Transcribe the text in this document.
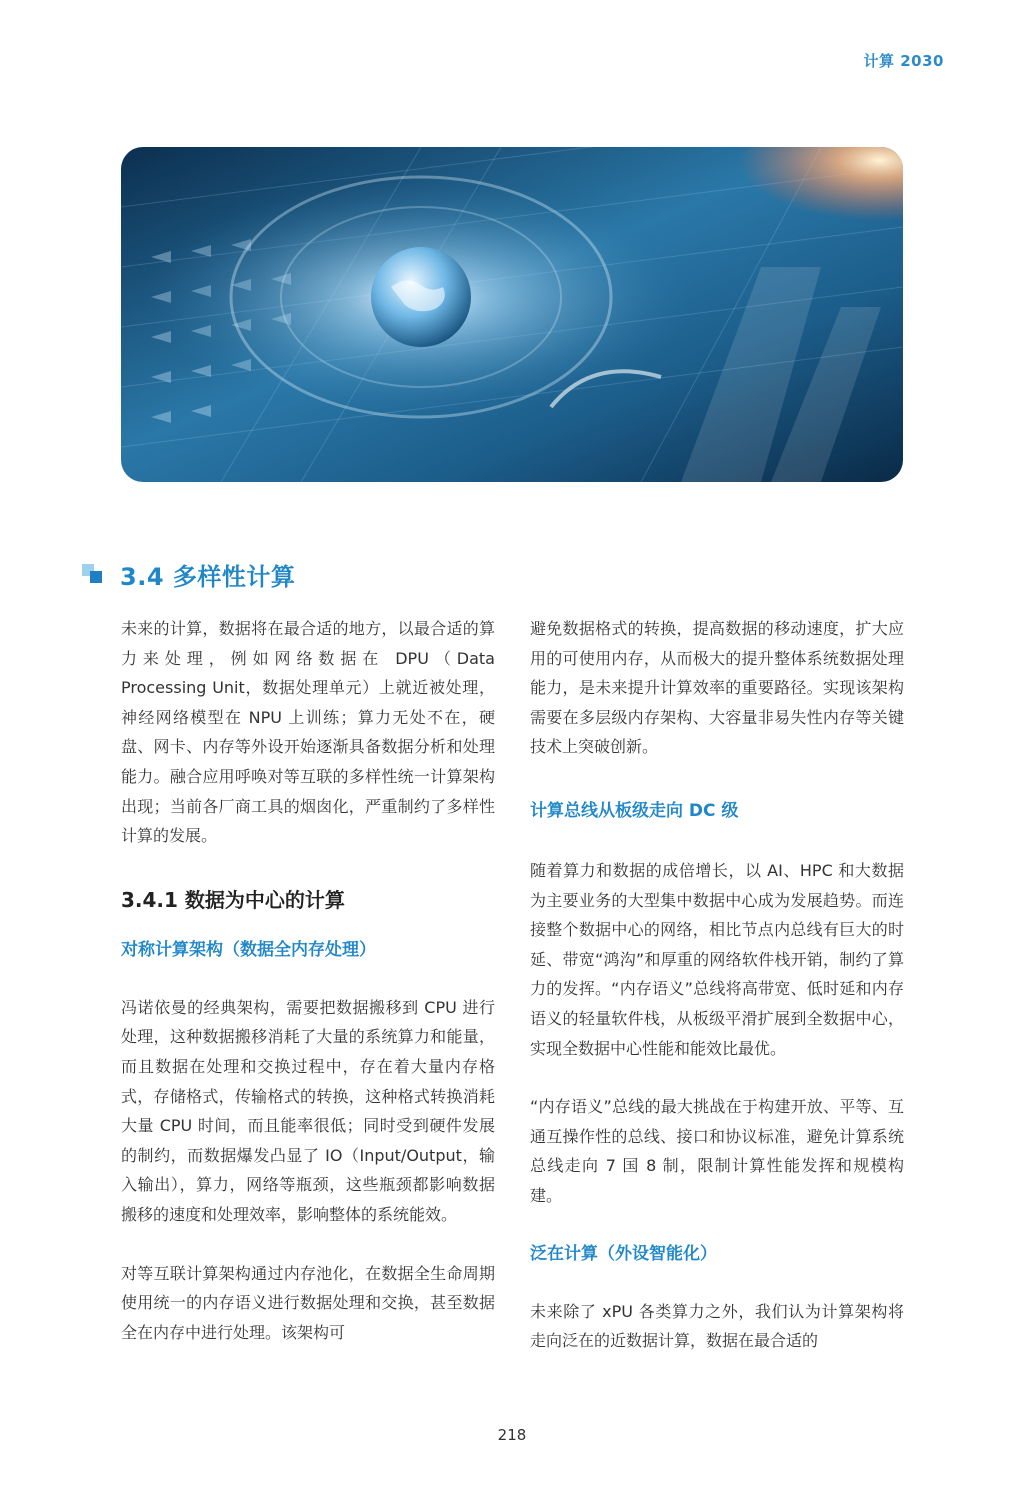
计算 2030
3.4 多样性计算

未来的计算，数据将在最合适的地方，以最合适的算力来处理，例如网络数据在 DPU（Data Processing Unit，数据处理单元）上就近被处理，神经网络模型在 NPU 上训练；算力无处不在，硬盘、网卡、内存等外设开始逐渐具备数据分析和处理能力。融合应用呼唤对等互联的多样性统一计算架构出现；当前各厂商工具的烟囱化，严重制约了多样性计算的发展。

3.4.1 数据为中心的计算
对称计算架构（数据全内存处理）

冯诺依曼的经典架构，需要把数据搬移到 CPU 进行处理，这种数据搬移消耗了大量的系统算力和能量，而且数据在处理和交换过程中，存在着大量内存格式，存储格式，传输格式的转换，这种格式转换消耗大量 CPU 时间，而且能率很低；同时受到硬件发展的制约，而数据爆发凸显了 IO（Input/Output，输入输出），算力，网络等瓶颈，这些瓶颈都影响数据搬移的速度和处理效率，影响整体的系统能效。

对等互联计算架构通过内存池化，在数据全生命周期使用统一的内存语义进行数据处理和交换，甚至数据全在内存中进行处理。该架构可

避免数据格式的转换，提高数据的移动速度，扩大应用的可使用内存，从而极大的提升整体系统数据处理能力，是未来提升计算效率的重要路径。实现该架构需要在多层级内存架构、大容量非易失性内存等关键技术上突破创新。

计算总线从板级走向 DC 级

随着算力和数据的成倍增长，以 AI、HPC 和大数据为主要业务的大型集中数据中心成为发展趋势。而连接整个数据中心的网络，相比节点内总线有巨大的时延、带宽“鸿沟”和厚重的网络软件栈开销，制约了算力的发挥。“内存语义”总线将高带宽、低时延和内存语义的轻量软件栈，从板级平滑扩展到全数据中心，实现全数据中心性能和能效比最优。

“内存语义”总线的最大挑战在于构建开放、平等、互通互操作性的总线、接口和协议标准，避免计算系统总线走向 7 国 8 制，限制计算性能发挥和规模构建。

泛在计算（外设智能化）

未来除了 xPU 各类算力之外，我们认为计算架构将走向泛在的近数据计算，数据在最合适的

218
